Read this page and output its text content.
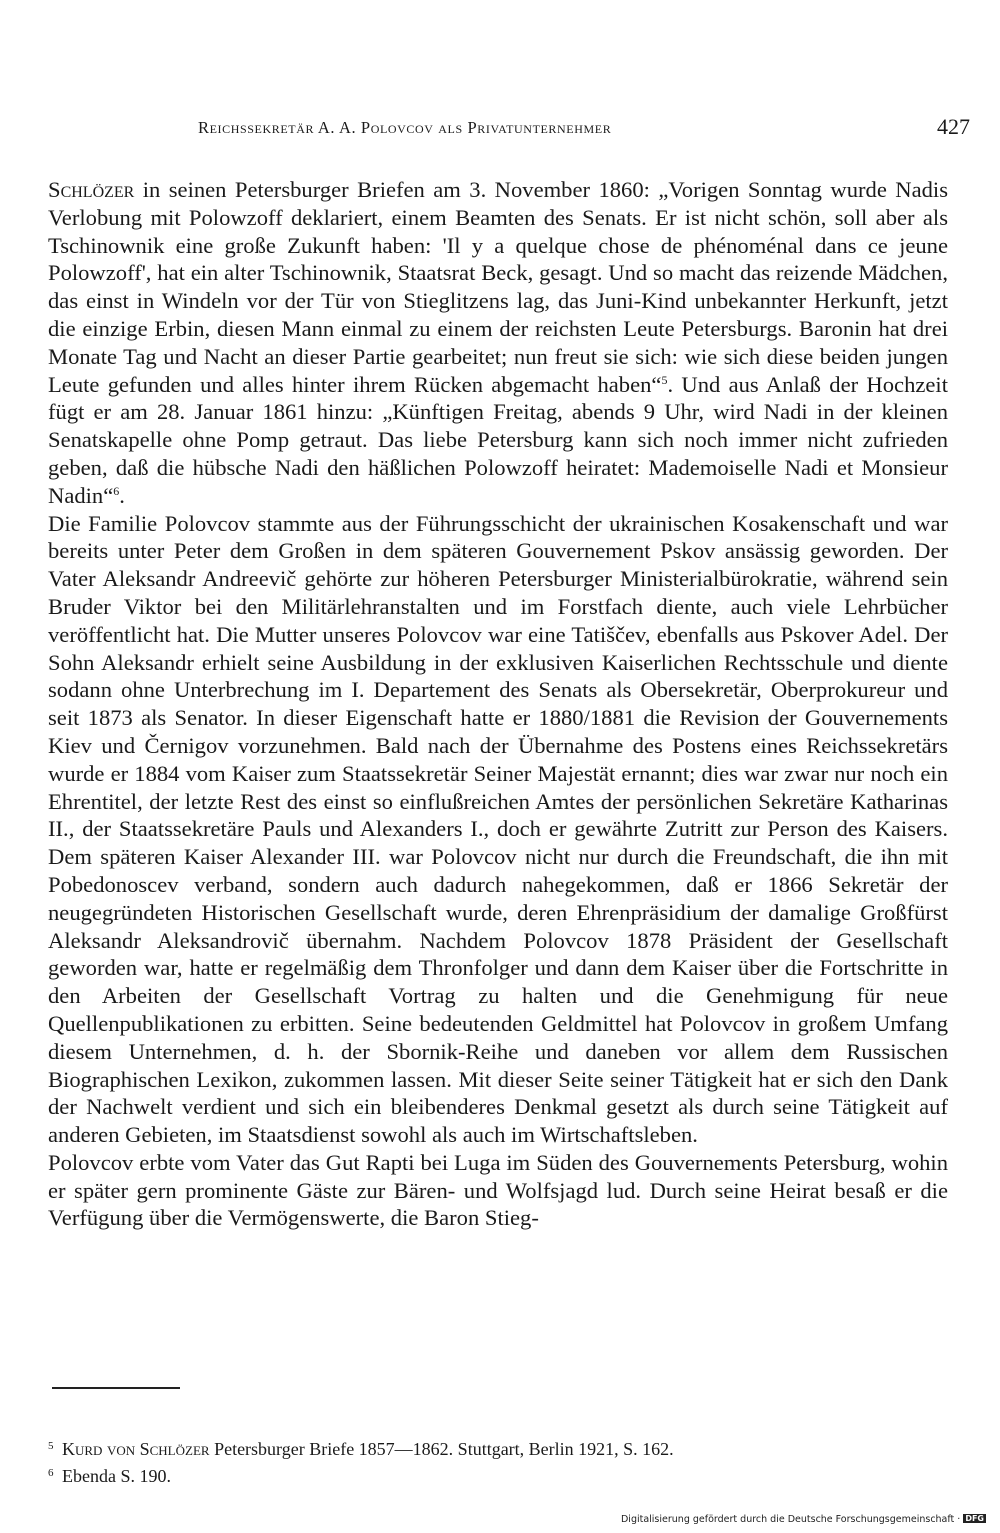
Reichssekretär A. A. Polovcov als Privatunternehmer	427

Schlözer in seinen Petersburger Briefen am 3. November 1860: „Vorigen Sonntag wurde Nadis Verlobung mit Polowzoff deklariert, einem Beamten des Senats. Er ist nicht schön, soll aber als Tschinownik eine große Zukunft haben: 'Il y a quelque chose de phénoménal dans ce jeune Polowzoff', hat ein alter Tschinownik, Staatsrat Beck, gesagt. Und so macht das reizende Mädchen, das einst in Windeln vor der Tür von Stieglitzens lag, das Juni-Kind unbekannter Herkunft, jetzt die einzige Erbin, diesen Mann einmal zu einem der reichsten Leute Petersburgs. Baronin hat drei Monate Tag und Nacht an dieser Partie gearbeitet; nun freut sie sich: wie sich diese beiden jungen Leute gefunden und alles hinter ihrem Rücken abgemacht haben“$^5$. Und aus Anlaß der Hochzeit fügt er am 28. Januar 1861 hinzu: „Künftigen Freitag, abends 9 Uhr, wird Nadi in der kleinen Senatskapelle ohne Pomp getraut. Das liebe Petersburg kann sich noch immer nicht zufrieden geben, daß die hübsche Nadi den häßlichen Polowzoff heiratet: Mademoiselle Nadi et Monsieur Nadin“$^6$.

Die Familie Polovcov stammte aus der Führungsschicht der ukrainischen Kosakenschaft und war bereits unter Peter dem Großen in dem späteren Gouvernement Pskov ansässig geworden. Der Vater Aleksandr Andreevič gehörte zur höheren Petersburger Ministerialbürokratie, während sein Bruder Viktor bei den Militärlehranstalten und im Forstfach diente, auch viele Lehrbücher veröffentlicht hat. Die Mutter unseres Polovcov war eine Tatiščev, ebenfalls aus Pskover Adel. Der Sohn Aleksandr erhielt seine Ausbildung in der exklusiven Kaiserlichen Rechtsschule und diente sodann ohne Unterbrechung im I. Departement des Senats als Obersekretär, Oberprokureur und seit 1873 als Senator. In dieser Eigenschaft hatte er 1880/1881 die Revision der Gouvernements Kiev und Černigov vorzunehmen. Bald nach der Übernahme des Postens eines Reichssekretärs wurde er 1884 vom Kaiser zum Staatssekretär Seiner Majestät ernannt; dies war zwar nur noch ein Ehrentitel, der letzte Rest des einst so einflußreichen Amtes der persönlichen Sekretäre Katharinas II., der Staatssekretäre Pauls und Alexanders I., doch er gewährte Zutritt zur Person des Kaisers. Dem späteren Kaiser Alexander III. war Polovcov nicht nur durch die Freundschaft, die ihn mit Pobedonoscev verband, sondern auch dadurch nahegekommen, daß er 1866 Sekretär der neugegründeten Historischen Gesellschaft wurde, deren Ehrenpräsidium der damalige Großfürst Aleksandr Aleksandrovič übernahm. Nachdem Polovcov 1878 Präsident der Gesellschaft geworden war, hatte er regelmäßig dem Thronfolger und dann dem Kaiser über die Fortschritte in den Arbeiten der Gesellschaft Vortrag zu halten und die Genehmigung für neue Quellenpublikationen zu erbitten. Seine bedeutenden Geldmittel hat Polovcov in großem Umfang diesem Unternehmen, d. h. der Sbornik-Reihe und daneben vor allem dem Russischen Biographischen Lexikon, zukommen lassen. Mit dieser Seite seiner Tätigkeit hat er sich den Dank der Nachwelt verdient und sich ein bleibenderes Denkmal gesetzt als durch seine Tätigkeit auf anderen Gebieten, im Staatsdienst sowohl als auch im Wirtschaftsleben.

Polovcov erbte vom Vater das Gut Rapti bei Luga im Süden des Gouvernements Petersburg, wohin er später gern prominente Gäste zur Bären- und Wolfsjagd lud. Durch seine Heirat besaß er die Verfügung über die Vermögenswerte, die Baron Stieg-

5 Kurd von Schlözer Petersburger Briefe 1857—1862. Stuttgart, Berlin 1921, S. 162.

6 Ebenda S. 190.

Digitalisierung gefördert durch die Deutsche Forschungsgemeinschaft · DFG
